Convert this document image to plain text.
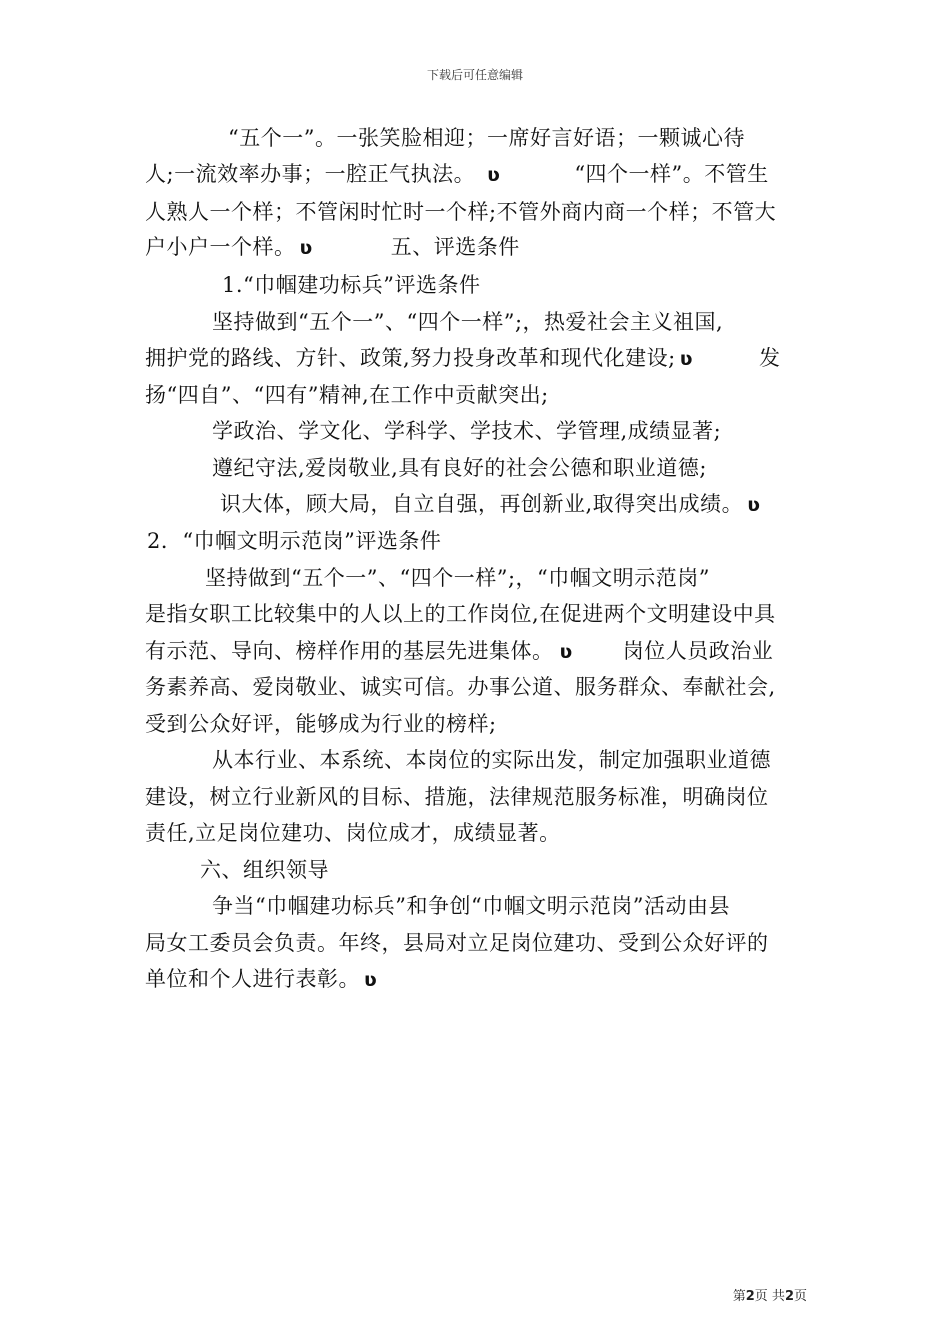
下载后可任意编辑
“五个一”。一张笑脸相迎；一席好言好语；一颗诚心待
人;一流效率办事；一腔正气执法。 ʋ	“四个一样”。不管生
人熟人一个样；不管闲时忙时一个样;不管外商内商一个样；不管大
户小户一个样。 ʋ	五、评选条件
1.“巾帼建功标兵”评选条件
坚持做到“五个一”、“四个一样”;，热爱社会主义祖国,
拥护党的路线、方针、政策,努力投身改革和现代化建设; ʋ	发
扬“四自”、“四有”精神,在工作中贡献突出;
学政治、学文化、学科学、学技术、学管理,成绩显著;
遵纪守法,爱岗敬业,具有良好的社会公德和职业道德;
识大体，顾大局，自立自强，再创新业,取得突出成绩。 ʋ
2．“巾帼文明示范岗”评选条件
坚持做到“五个一”、“四个一样”;，“巾帼文明示范岗”
是指女职工比较集中的人以上的工作岗位,在促进两个文明建设中具
有示范、导向、榜样作用的基层先进集体。 ʋ 岗位人员政治业
务素养高、爱岗敬业、诚实可信。办事公道、服务群众、奉献社会,
受到公众好评，能够成为行业的榜样;
从本行业、本系统、本岗位的实际出发，制定加强职业道德
建设，树立行业新风的目标、措施，法律规范服务标准，明确岗位
责任,立足岗位建功、岗位成才，成绩显著。
六、组织领导
争当“巾帼建功标兵”和争创“巾帼文明示范岗”活动由县
局女工委员会负责。年终，县局对立足岗位建功、受到公众好评的
单位和个人进行表彰。 ʋ
第2页 共2页
